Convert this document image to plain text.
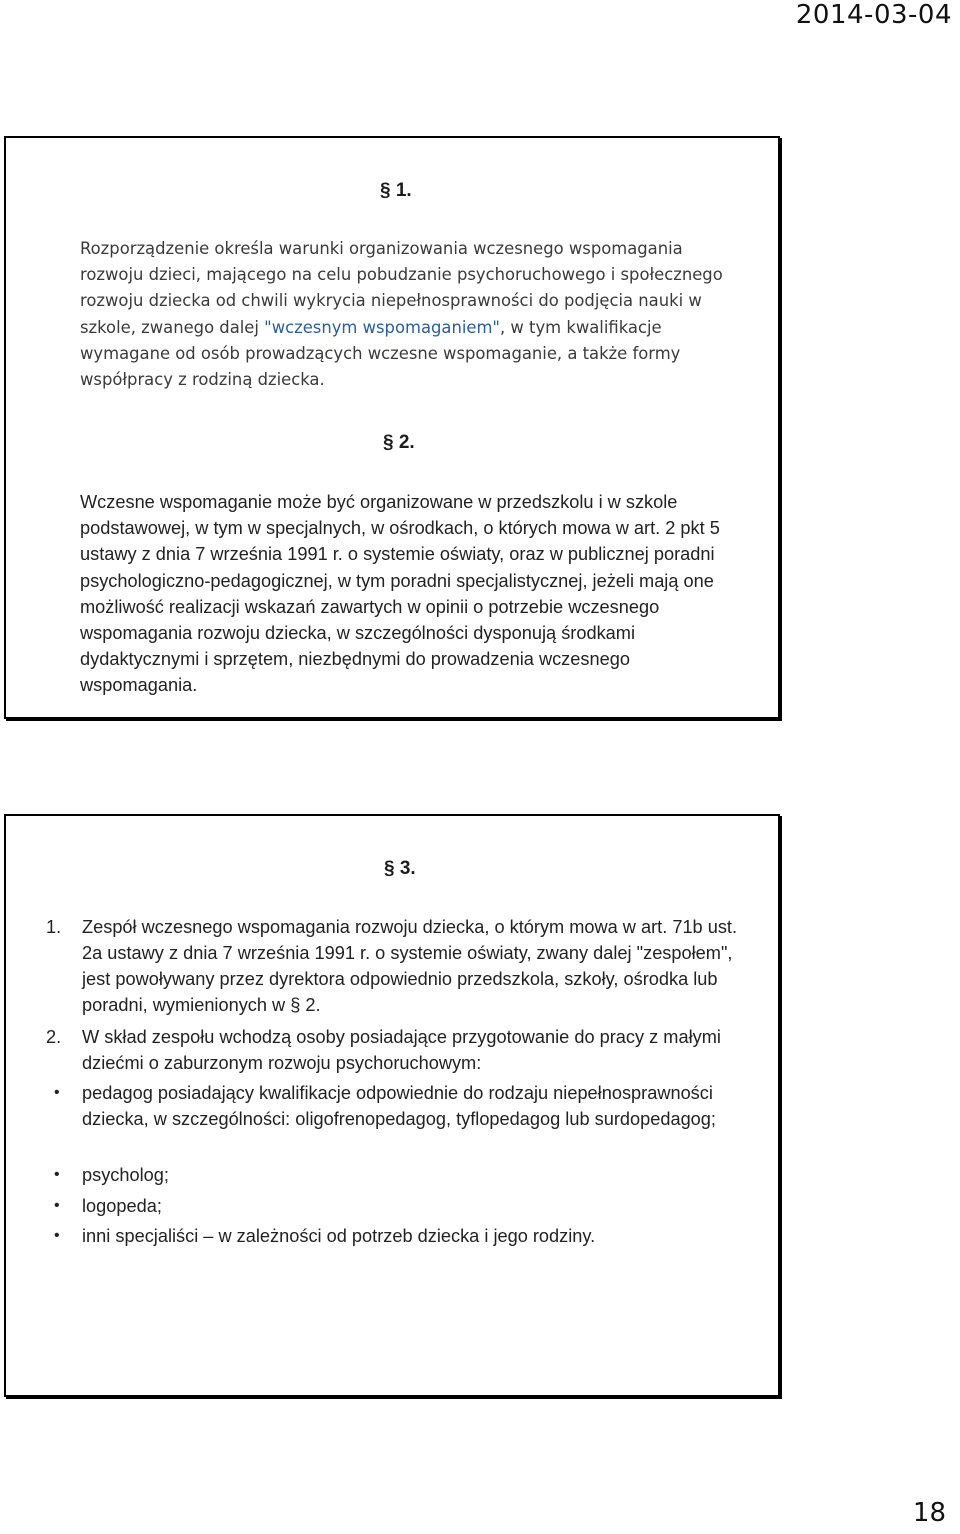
2014-03-04
§ 1.

Rozporządzenie określa warunki organizowania wczesnego wspomagania rozwoju dzieci, mającego na celu pobudzanie psychoruchowego i społecznego rozwoju dziecka od chwili wykrycia niepełnosprawności do podjęcia nauki w szkole, zwanego dalej "wczesnym wspomaganiem", w tym kwalifikacje wymagane od osób prowadzących wczesne wspomaganie, a także formy współpracy z rodziną dziecka.

§ 2.

Wczesne wspomaganie może być organizowane w przedszkolu i w szkole podstawowej, w tym w specjalnych, w ośrodkach, o których mowa w art. 2 pkt 5 ustawy z dnia 7 września 1991 r. o systemie oświaty, oraz w publicznej poradni psychologiczno-pedagogicznej, w tym poradni specjalistycznej, jeżeli mają one możliwość realizacji wskazań zawartych w opinii o potrzebie wczesnego wspomagania rozwoju dziecka, w szczególności dysponują środkami dydaktycznymi i sprzętem, niezbędnymi do prowadzenia wczesnego wspomagania.

§ 3.
1. Zespół wczesnego wspomagania rozwoju dziecka, o którym mowa w art. 71b ust. 2a ustawy z dnia 7 września 1991 r. o systemie oświaty, zwany dalej "zespołem", jest powoływany przez dyrektora odpowiednio przedszkola, szkoły, ośrodka lub poradni, wymienionych w § 2.
2. W skład zespołu wchodzą osoby posiadające przygotowanie do pracy z małymi dziećmi o zaburzonym rozwoju psychoruchowym:
• pedagog posiadający kwalifikacje odpowiednie do rodzaju niepełnosprawności dziecka, w szczególności: oligofrenopedagog, tyflopedagog lub surdopedagog;
• psycholog;
• logopeda;
• inni specjaliści – w zależności od potrzeb dziecka i jego rodziny.
18
